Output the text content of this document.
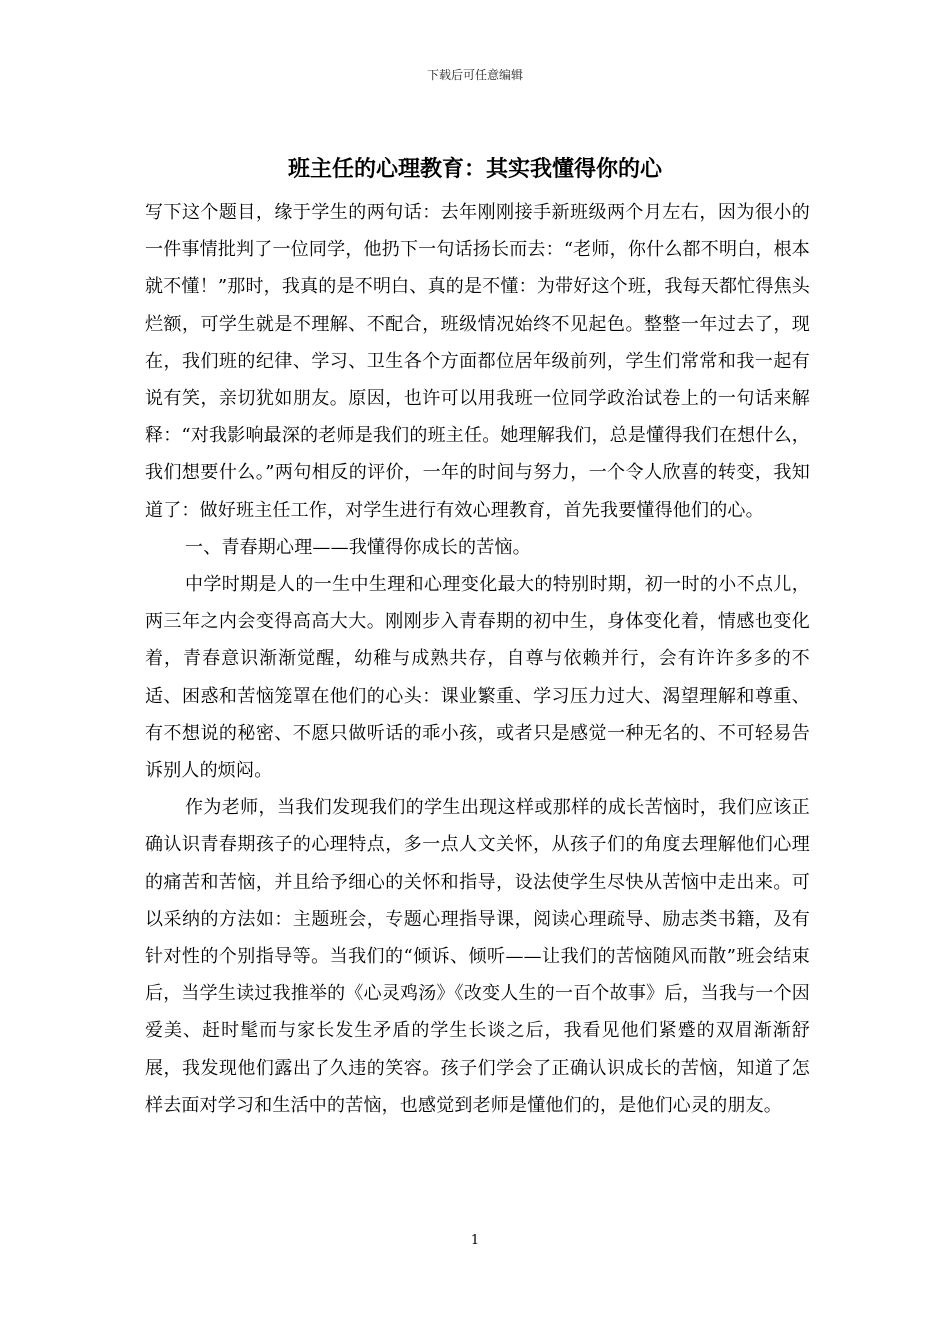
下载后可任意编辑
班主任的心理教育：其实我懂得你的心

写下这个题目，缘于学生的两句话：去年刚刚接手新班级两个月左右，因为很小的一件事情批判了一位同学，他扔下一句话扬长而去：“老师，你什么都不明白，根本就不懂！”那时，我真的是不明白、真的是不懂：为带好这个班，我每天都忙得焦头烂额，可学生就是不理解、不配合，班级情况始终不见起色。整整一年过去了，现在，我们班的纪律、学习、卫生各个方面都位居年级前列，学生们常常和我一起有说有笑，亲切犹如朋友。原因，也许可以用我班一位同学政治试卷上的一句话来解释：“对我影响最深的老师是我们的班主任。她理解我们，总是懂得我们在想什么，我们想要什么。”两句相反的评价，一年的时间与努力，一个令人欣喜的转变，我知道了：做好班主任工作，对学生进行有效心理教育，首先我要懂得他们的心。

一、青春期心理——我懂得你成长的苦恼。

中学时期是人的一生中生理和心理变化最大的特别时期，初一时的小不点儿，两三年之内会变得高高大大。刚刚步入青春期的初中生，身体变化着，情感也变化着，青春意识渐渐觉醒，幼稚与成熟共存，自尊与依赖并行，会有许许多多的不适、困惑和苦恼笼罩在他们的心头：课业繁重、学习压力过大、渴望理解和尊重、有不想说的秘密、不愿只做听话的乖小孩，或者只是感觉一种无名的、不可轻易告诉别人的烦闷。

作为老师，当我们发现我们的学生出现这样或那样的成长苦恼时，我们应该正确认识青春期孩子的心理特点，多一点人文关怀，从孩子们的角度去理解他们心理的痛苦和苦恼，并且给予细心的关怀和指导，设法使学生尽快从苦恼中走出来。可以采纳的方法如：主题班会，专题心理指导课，阅读心理疏导、励志类书籍，及有针对性的个别指导等。当我们的“倾诉、倾听——让我们的苦恼随风而散”班会结束后，当学生读过我推举的《心灵鸡汤》《改变人生的一百个故事》后，当我与一个因爱美、赶时髦而与家长发生矛盾的学生长谈之后，我看见他们紧蹙的双眉渐渐舒展，我发现他们露出了久违的笑容。孩子们学会了正确认识成长的苦恼，知道了怎样去面对学习和生活中的苦恼，也感觉到老师是懂他们的，是他们心灵的朋友。

1
